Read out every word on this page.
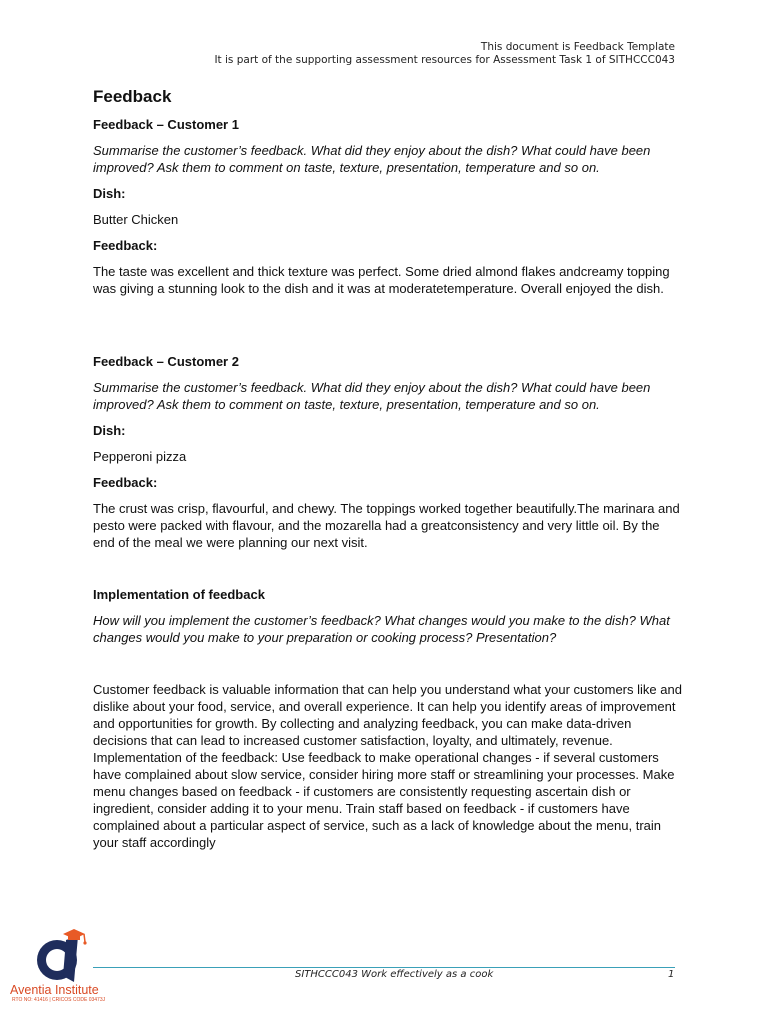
This document is Feedback Template
It is part of the supporting assessment resources for Assessment Task 1 of SITHCCC043
Feedback
Feedback – Customer 1
Summarise the customer’s feedback. What did they enjoy about the dish? What could have been improved? Ask them to comment on taste, texture, presentation, temperature and so on.
Dish:
Butter Chicken
Feedback:
The taste was excellent and thick texture was perfect. Some dried almond flakes andcreamy topping was giving a stunning look to the dish and it was at moderatetemperature. Overall enjoyed the dish.
Feedback – Customer 2
Summarise the customer’s feedback. What did they enjoy about the dish? What could have been improved? Ask them to comment on taste, texture, presentation, temperature and so on.
Dish:
Pepperoni pizza
Feedback:
The crust was crisp, flavourful, and chewy. The toppings worked together beautifully.The marinara and pesto were packed with flavour, and the mozarella had a greatconsistency and very little oil. By the end of the meal we were planning our next visit.
Implementation of feedback
How will you implement the customer’s feedback? What changes would you make to the dish? What changes would you make to your preparation or cooking process? Presentation?
Customer feedback is valuable information that can help you understand what your customers like and dislike about your food, service, and overall experience. It can help you identify areas of improvement and opportunities for growth. By collecting and analyzing feedback, you can make data-driven decisions that can lead to increased customer satisfaction, loyalty, and ultimately, revenue. Implementation of the feedback: Use feedback to make operational changes - if several customers have complained about slow service, consider hiring more staff or streamlining your processes. Make menu changes based on feedback - if customers are consistently requesting ascertain dish or ingredient, consider adding it to your menu. Train staff based on feedback - if customers have complained about a particular aspect of service, such as a lack of knowledge about the menu, train your staff accordingly
Aventia Institute
RTO NO: 41416 | CRICOS CODE 03473J
SITHCCC043 Work effectively as a cook	1
